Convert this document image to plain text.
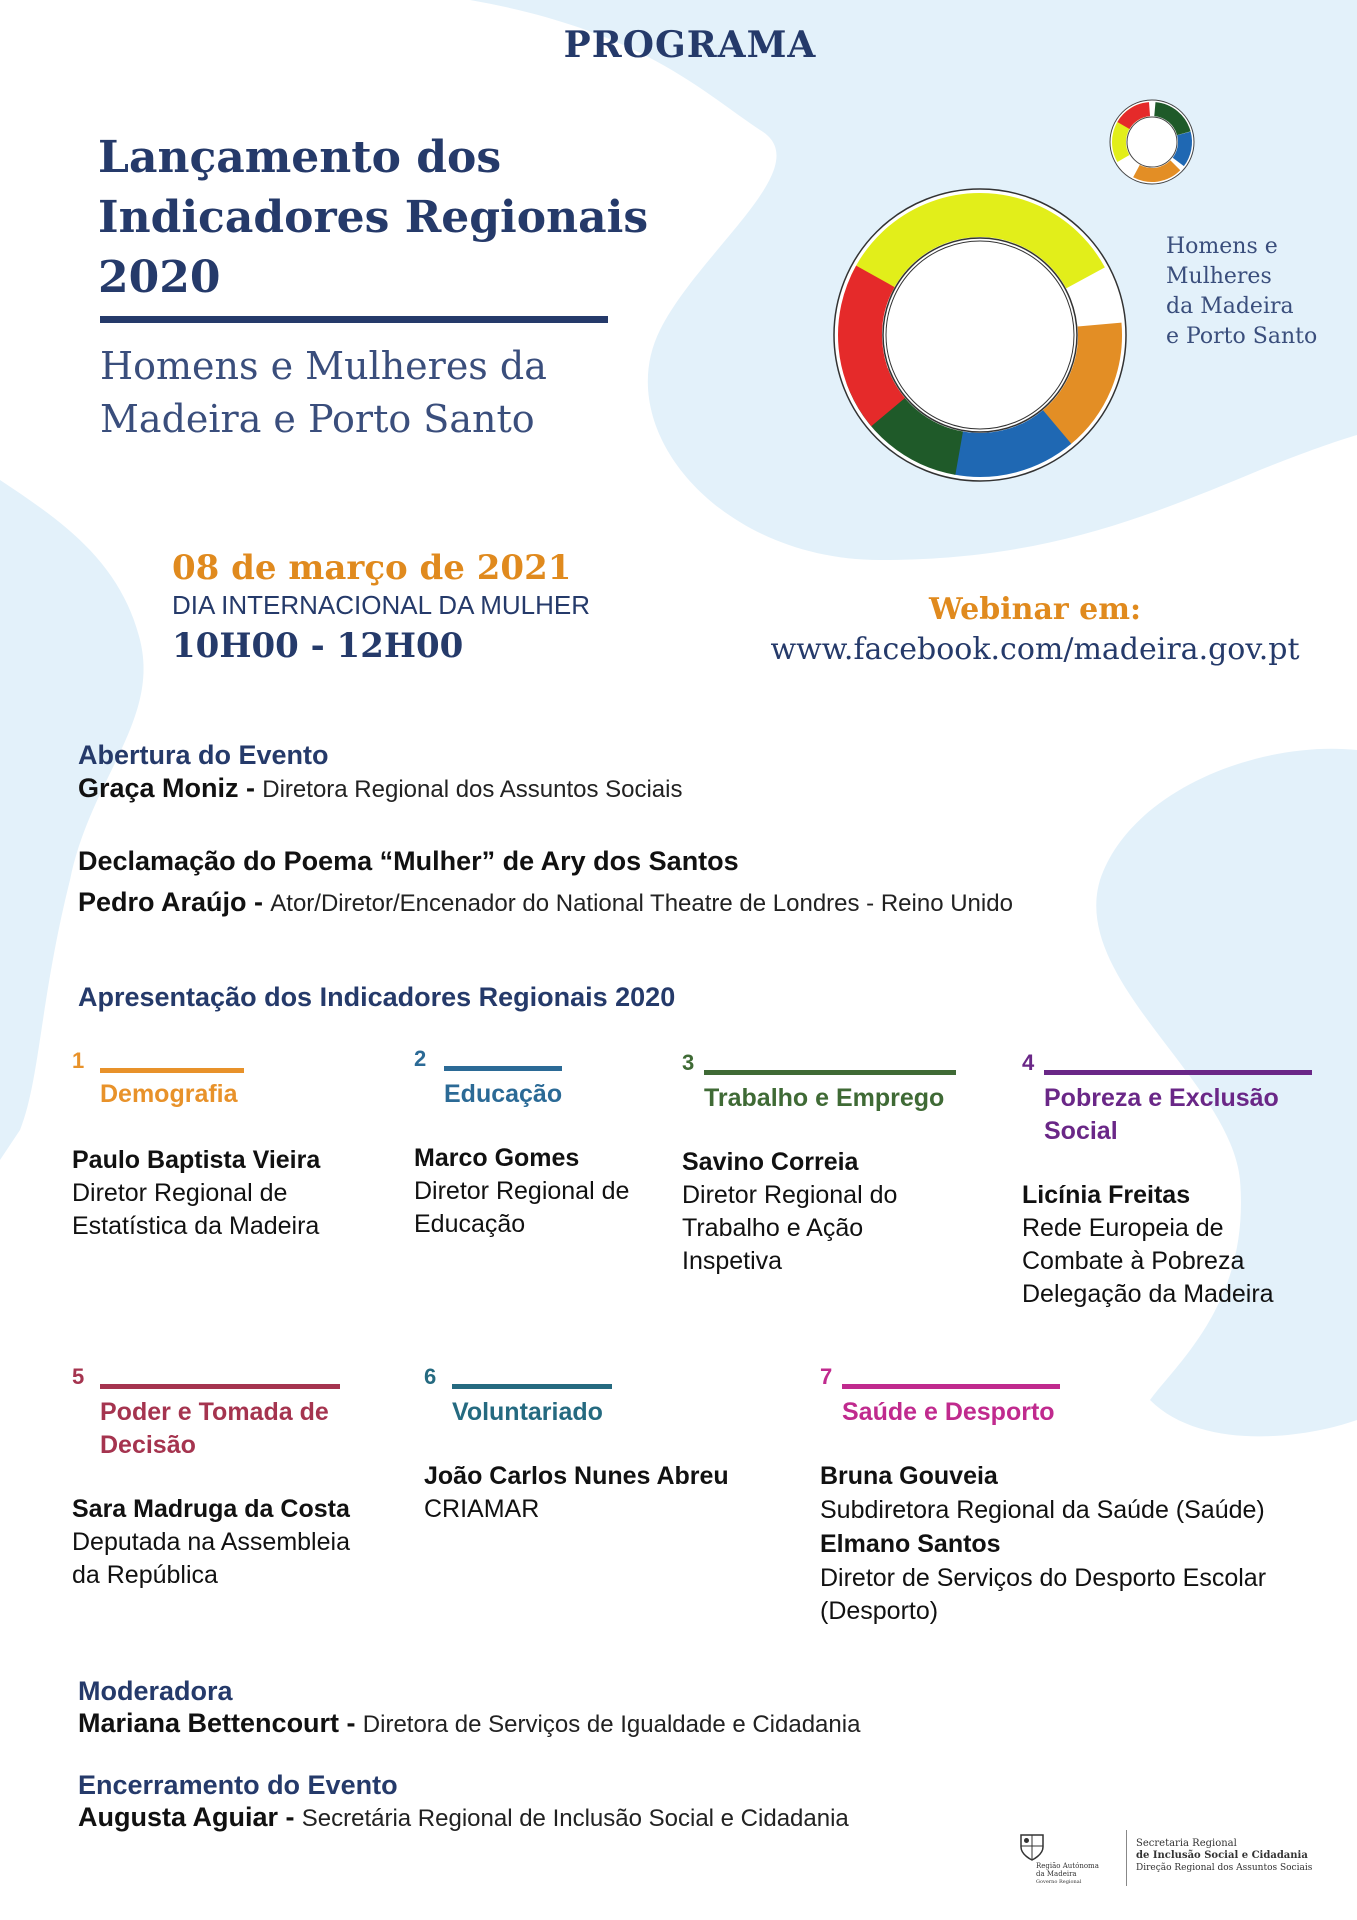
PROGRAMA
Lançamento dos
Indicadores Regionais
2020
Homens e Mulheres da
Madeira e Porto Santo
Homens e
Mulheres
da Madeira
e Porto Santo
08 de março de 2021
DIA INTERNACIONAL DA MULHER
10H00 - 12H00
Webinar em:
www.facebook.com/madeira.gov.pt
Abertura do Evento
Graça Moniz - Diretora Regional dos Assuntos Sociais
Declamação do Poema “Mulher” de Ary dos Santos
Pedro Araújo - Ator/Diretor/Encenador do National Theatre de Londres - Reino Unido
Apresentação dos Indicadores Regionais 2020
1
Demografia
Paulo Baptista Vieira
Diretor Regional de Estatística da Madeira
2
Educação
Marco Gomes
Diretor Regional de Educação
3
Trabalho e Emprego
Savino Correia
Diretor Regional do Trabalho e Ação Inspetiva
4
Pobreza e Exclusão Social
Licínia Freitas
Rede Europeia de Combate à Pobreza Delegação da Madeira
5
Poder e Tomada de Decisão
Sara Madruga da Costa
Deputada na Assembleia da República
6
Voluntariado
João Carlos Nunes Abreu
CRIAMAR
7
Saúde e Desporto
Bruna Gouveia
Subdiretora Regional da Saúde (Saúde)
Elmano Santos
Diretor de Serviços do Desporto Escolar (Desporto)
Moderadora
Mariana Bettencourt - Diretora de Serviços de Igualdade e Cidadania
Encerramento do Evento
Augusta Aguiar - Secretária Regional de Inclusão Social e Cidadania
Região Autónoma
da Madeira
Governo Regional
Secretaria Regional
de Inclusão Social e Cidadania
Direção Regional dos Assuntos Sociais
